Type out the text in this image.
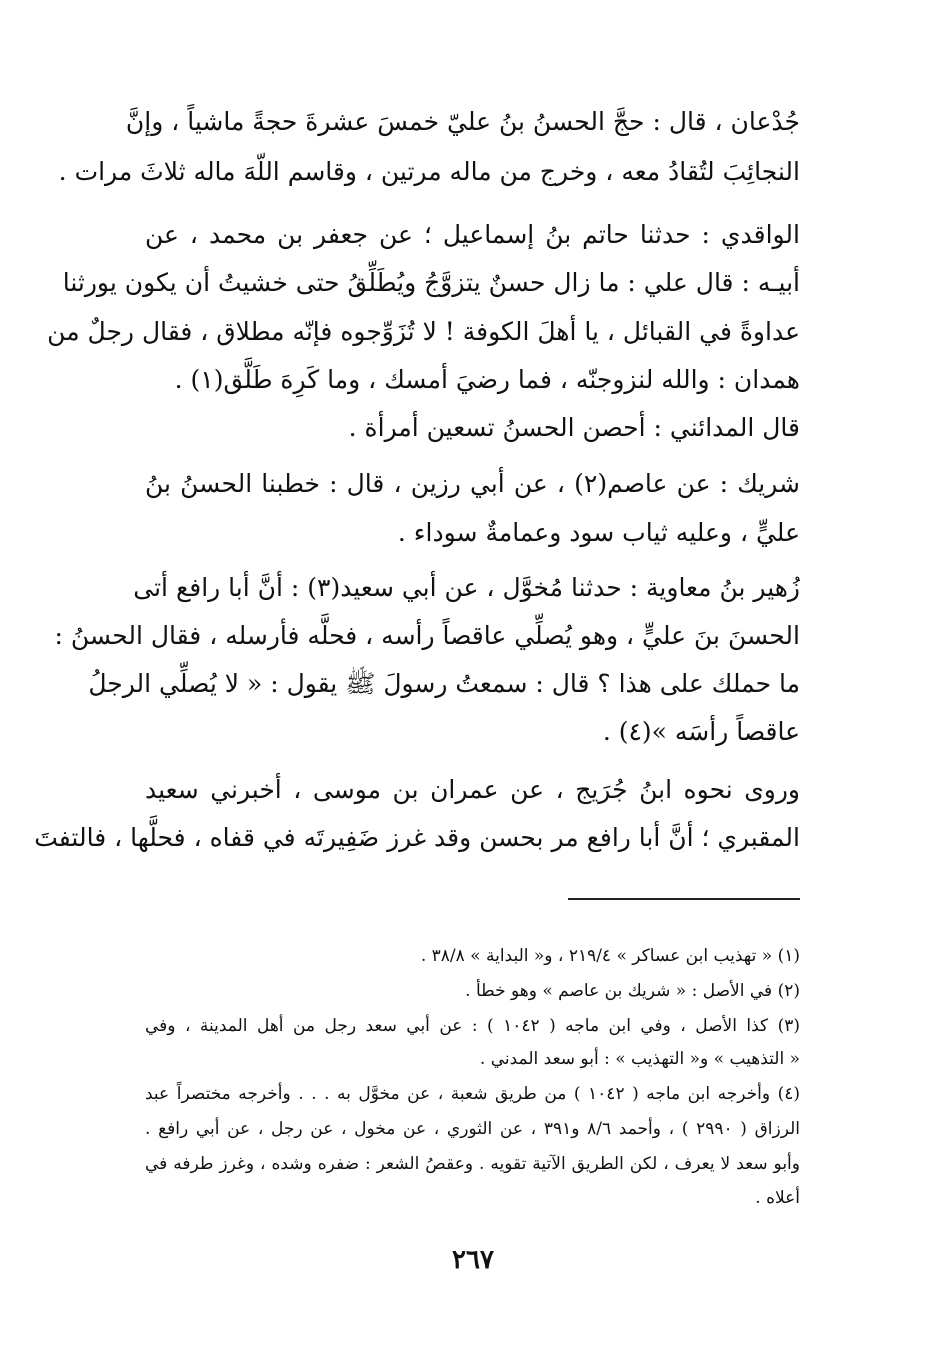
جُدْعان ، قال : حجَّ الحسنُ بنُ عليّ خمسَ عشرةَ حجةً ماشياً ، وإنَّ
النجائِبَ لتُقادُ معه ، وخرج من ماله مرتين ، وقاسم اللّهَ ماله ثلاثَ مرات .
الواقدي : حدثنا حاتم بنُ إسماعيل ؛ عن جعفر بن محمد ، عن
أبيـه : قال علي : ما زال حسنٌ يتزوَّجُ ويُطَلِّقُ حتى خشيتُ أن يكون يورثنا
عداوةً في القبائل ، يا أهلَ الكوفة ! لا تُزَوِّجوه فإنّه مطلاق ، فقال رجلٌ من
همدان : والله لنزوجنّه ، فما رضيَ أمسك ، وما كَرِهَ طَلَّق(١) .
قال المدائني : أحصن الحسنُ تسعين أمرأة .
شريك : عن عاصم(٢) ، عن أبي رزين ، قال : خطبنا الحسنُ بنُ
عليٍّ ، وعليه ثياب سود وعمامةٌ سوداء .
زُهير بنُ معاوية : حدثنا مُخوَّل ، عن أبي سعيد(٣) : أنَّ أبا رافع أتى
الحسنَ بنَ عليٍّ ، وهو يُصلِّي عاقصاً رأسه ، فحلَّه فأرسله ، فقال الحسنُ :
ما حملك على هذا ؟ قال : سمعتُ رسولَ ﷺ يقول : « لا يُصلِّي الرجلُ
عاقصاً رأسَه »(٤) .
وروى نحوه ابنُ جُرَيج ، عن عمران بن موسى ، أخبرني سعيد
المقبري ؛ أنَّ أبا رافع مر بحسن وقد غرز ضَفِيرتَه في قفاه ، فحلَّها ، فالتفتَ
(١) « تهذيب ابن عساكر » ٢١٩/٤ ، و« البداية » ٣٨/٨ .
(٢) في الأصل : « شريك بن عاصم » وهو خطأ .
(٣) كذا الأصل ، وفي ابن ماجه ( ١٠٤٢ ) : عن أبي سعد رجل من أهل المدينة ، وفي
« التذهيب » و« التهذيب » : أبو سعد المدني .
(٤) وأخرجه ابن ماجه ( ١٠٤٢ ) من طريق شعبة ، عن مخوَّل به . . . وأخرجه مختصراً عبد
الرزاق ( ٢٩٩٠ ) ، وأحمد ٨/٦ و٣٩١ ، عن الثوري ، عن مخول ، عن رجل ، عن أبي رافع .
وأبو سعد لا يعرف ، لكن الطريق الآتية تقويه . وعقصُ الشعر : ضفره وشده ، وغرز طرفه في
أعلاه .
٢٦٧
